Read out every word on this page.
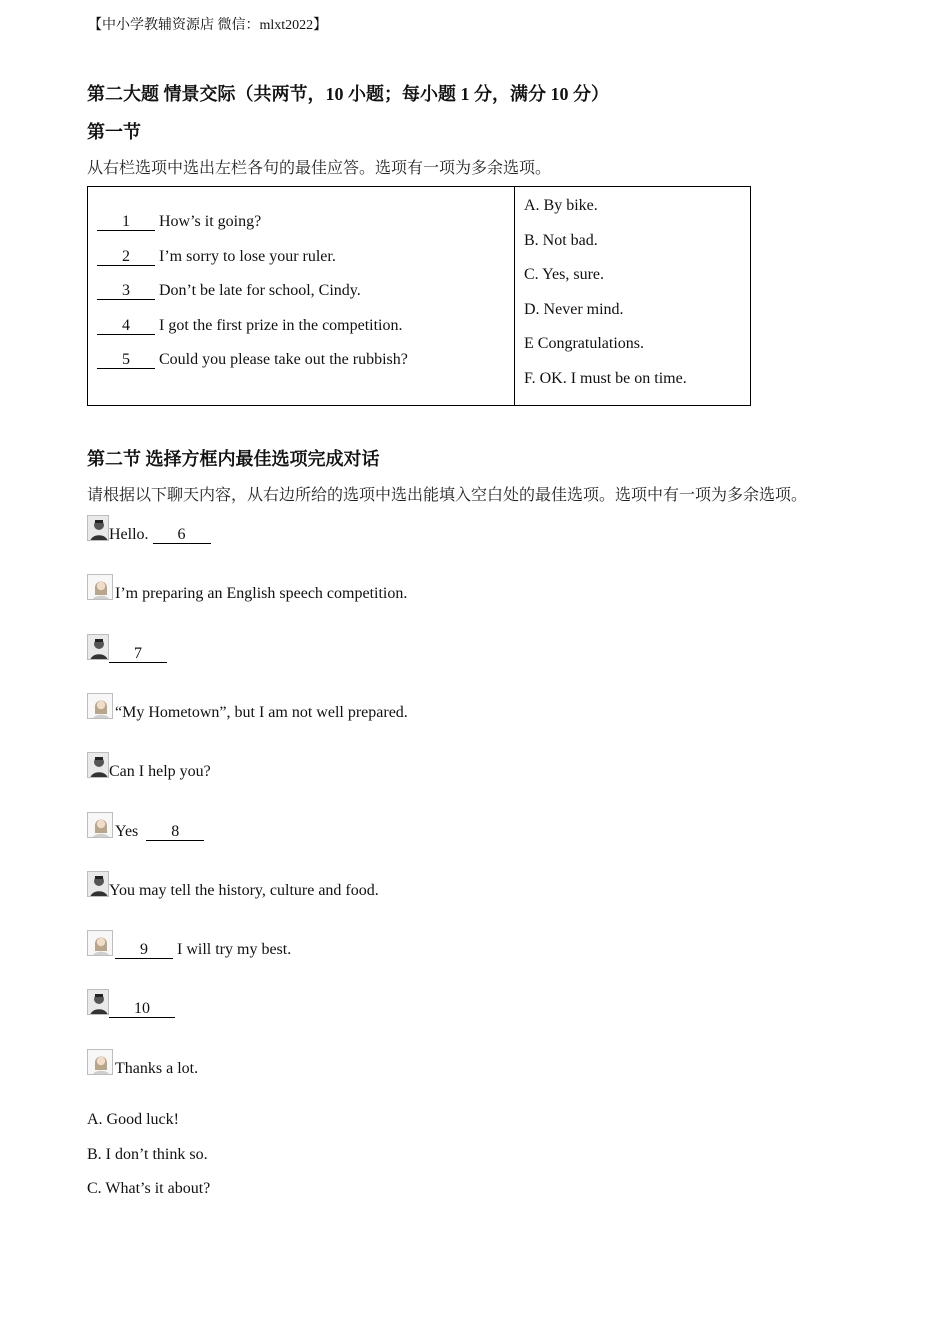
【中小学教辅资源店 微信：mlxt2022】
第二大题 情景交际（共两节，10 小题；每小题 1 分，满分 10 分）
第一节
从右栏选项中选出左栏各句的最佳应答。选项有一项为多余选项。
1	How’s it going?
2	I’m sorry to lose your ruler.
3	Don’t be late for school, Cindy.
4	I got the first prize in the competition.
5	Could you please take out the rubbish?
A. By bike.
B. Not bad.
C. Yes, sure.
D. Never mind.
E Congratulations.
F. OK. I must be on time.
第二节 选择方框内最佳选项完成对话
请根据以下聊天内容，从右边所给的选项中选出能填入空白处的最佳选项。选项中有一项为多余选项。
Hello. 6
I’m preparing an English speech competition.
7
“My Hometown”, but I am not well prepared.
Can I help you?
Yes  8
You may tell the history, culture and food.
9 I will try my best.
10
Thanks a lot.
A. Good luck!
B. I don’t think so.
C. What’s it about?
